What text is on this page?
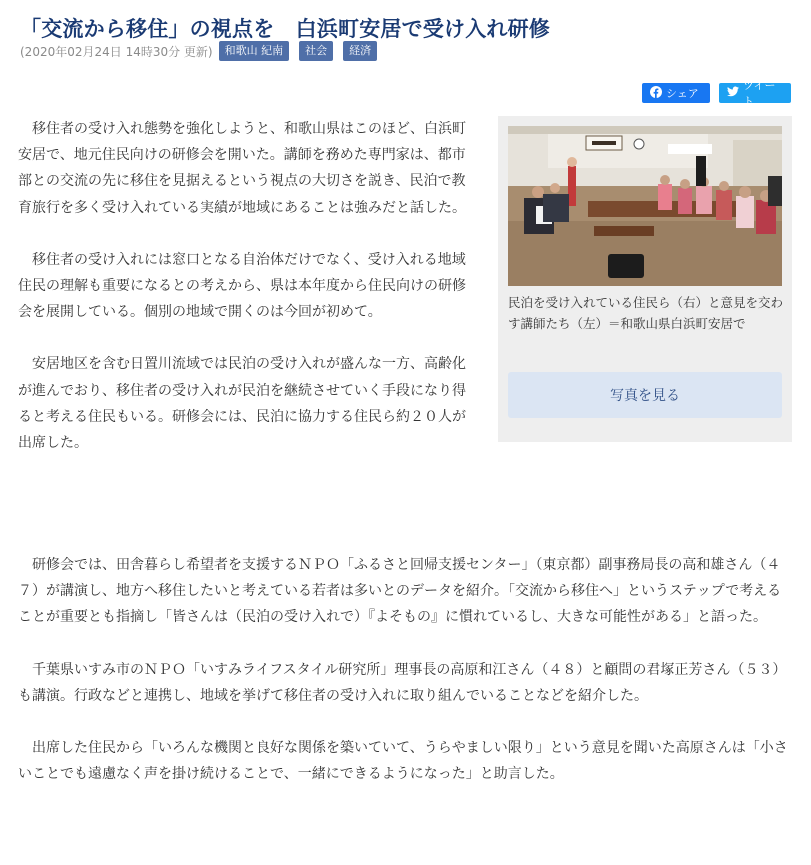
「交流から移住」の視点を　白浜町安居で受け入れ研修
(2020年02月24日 14時30分 更新)	和歌山 紀南	社会	経済
シェア
ツイート

移住者の受け入れ態勢を強化しようと、和歌山県はこのほど、白浜町安居で、地元住民向けの研修会を開いた。講師を務めた専門家は、都市部との交流の先に移住を見据えるという視点の大切さを説き、民泊で教育旅行を多く受け入れている実績が地域にあることは強みだと話した。

移住者の受け入れには窓口となる自治体だけでなく、受け入れる地域住民の理解も重要になるとの考えから、県は本年度から住民向けの研修会を展開している。個別の地域で開くのは今回が初めて。

安居地区を含む日置川流域では民泊の受け入れが盛んな一方、高齢化が進んでおり、移住者の受け入れが民泊を継続させていく手段になり得ると考える住民もいる。研修会には、民泊に協力する住民ら約２０人が出席した。

民泊を受け入れている住民ら（右）と意見を交わす講師たち（左）＝和歌山県白浜町安居で
写真を見る

研修会では、田舎暮らし希望者を支援するＮＰＯ「ふるさと回帰支援センター」（東京都）副事務局長の高和雄さん（４７）が講演し、地方へ移住したいと考えている若者は多いとのデータを紹介。「交流から移住へ」というステップで考えることが重要とも指摘し「皆さんは（民泊の受け入れで）『よそもの』に慣れているし、大きな可能性がある」と語った。

千葉県いすみ市のＮＰＯ「いすみライフスタイル研究所」理事長の高原和江さん（４８）と顧問の君塚正芳さん（５３）も講演。行政などと連携し、地域を挙げて移住者の受け入れに取り組んでいることなどを紹介した。

出席した住民から「いろんな機関と良好な関係を築いていて、うらやましい限り」という意見を聞いた高原さんは「小さいことでも遠慮なく声を掛け続けることで、一緒にできるようになった」と助言した。
